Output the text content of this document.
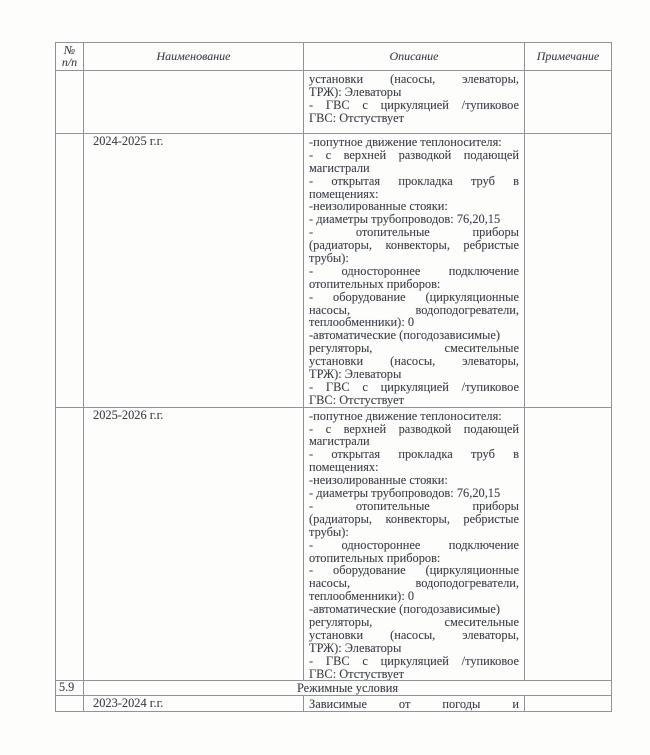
№
п/п	Наименование	Описание	Примечание

установки (насосы, элеваторы,
ТРЖ): Элеваторы
- ГВС с циркуляцией /тупиковое
ГВС: Отстуствует

	2024-2025 г.г.	-попутное движение теплоносителя:
- с верхней разводкой подающей
магистрали
- открытая прокладка труб в
помещениях:
-неизолированные стояки:
- диаметры трубопроводов: 76,20,15
-	отопительные	приборы
(радиаторы, конвекторы, ребристые
трубы):
- одностороннее подключение
отопительных приборов:
- оборудование (циркуляционные
насосы,	водоподогреватели,
теплообменники): 0
-автоматические (погодозависимые)
регуляторы,	смесительные
установки (насосы, элеваторы,
ТРЖ): Элеваторы
- ГВС с циркуляцией /тупиковое
ГВС: Отстуствует

	2025-2026 г.г.	-попутное движение теплоносителя:
- с верхней разводкой подающей
магистрали
- открытая прокладка труб в
помещениях:
-неизолированные стояки:
- диаметры трубопроводов: 76,20,15
-	отопительные	приборы
(радиаторы, конвекторы, ребристые
трубы):
- одностороннее подключение
отопительных приборов:
- оборудование (циркуляционные
насосы,	водоподогреватели,
теплообменники): 0
-автоматические (погодозависимые)
регуляторы,	смесительные
установки (насосы, элеваторы,
ТРЖ): Элеваторы
- ГВС с циркуляцией /тупиковое
ГВС: Отстуствует

5.9	Режимные условия		
	2023-2024 г.г.	Зависимые от погоды и	
